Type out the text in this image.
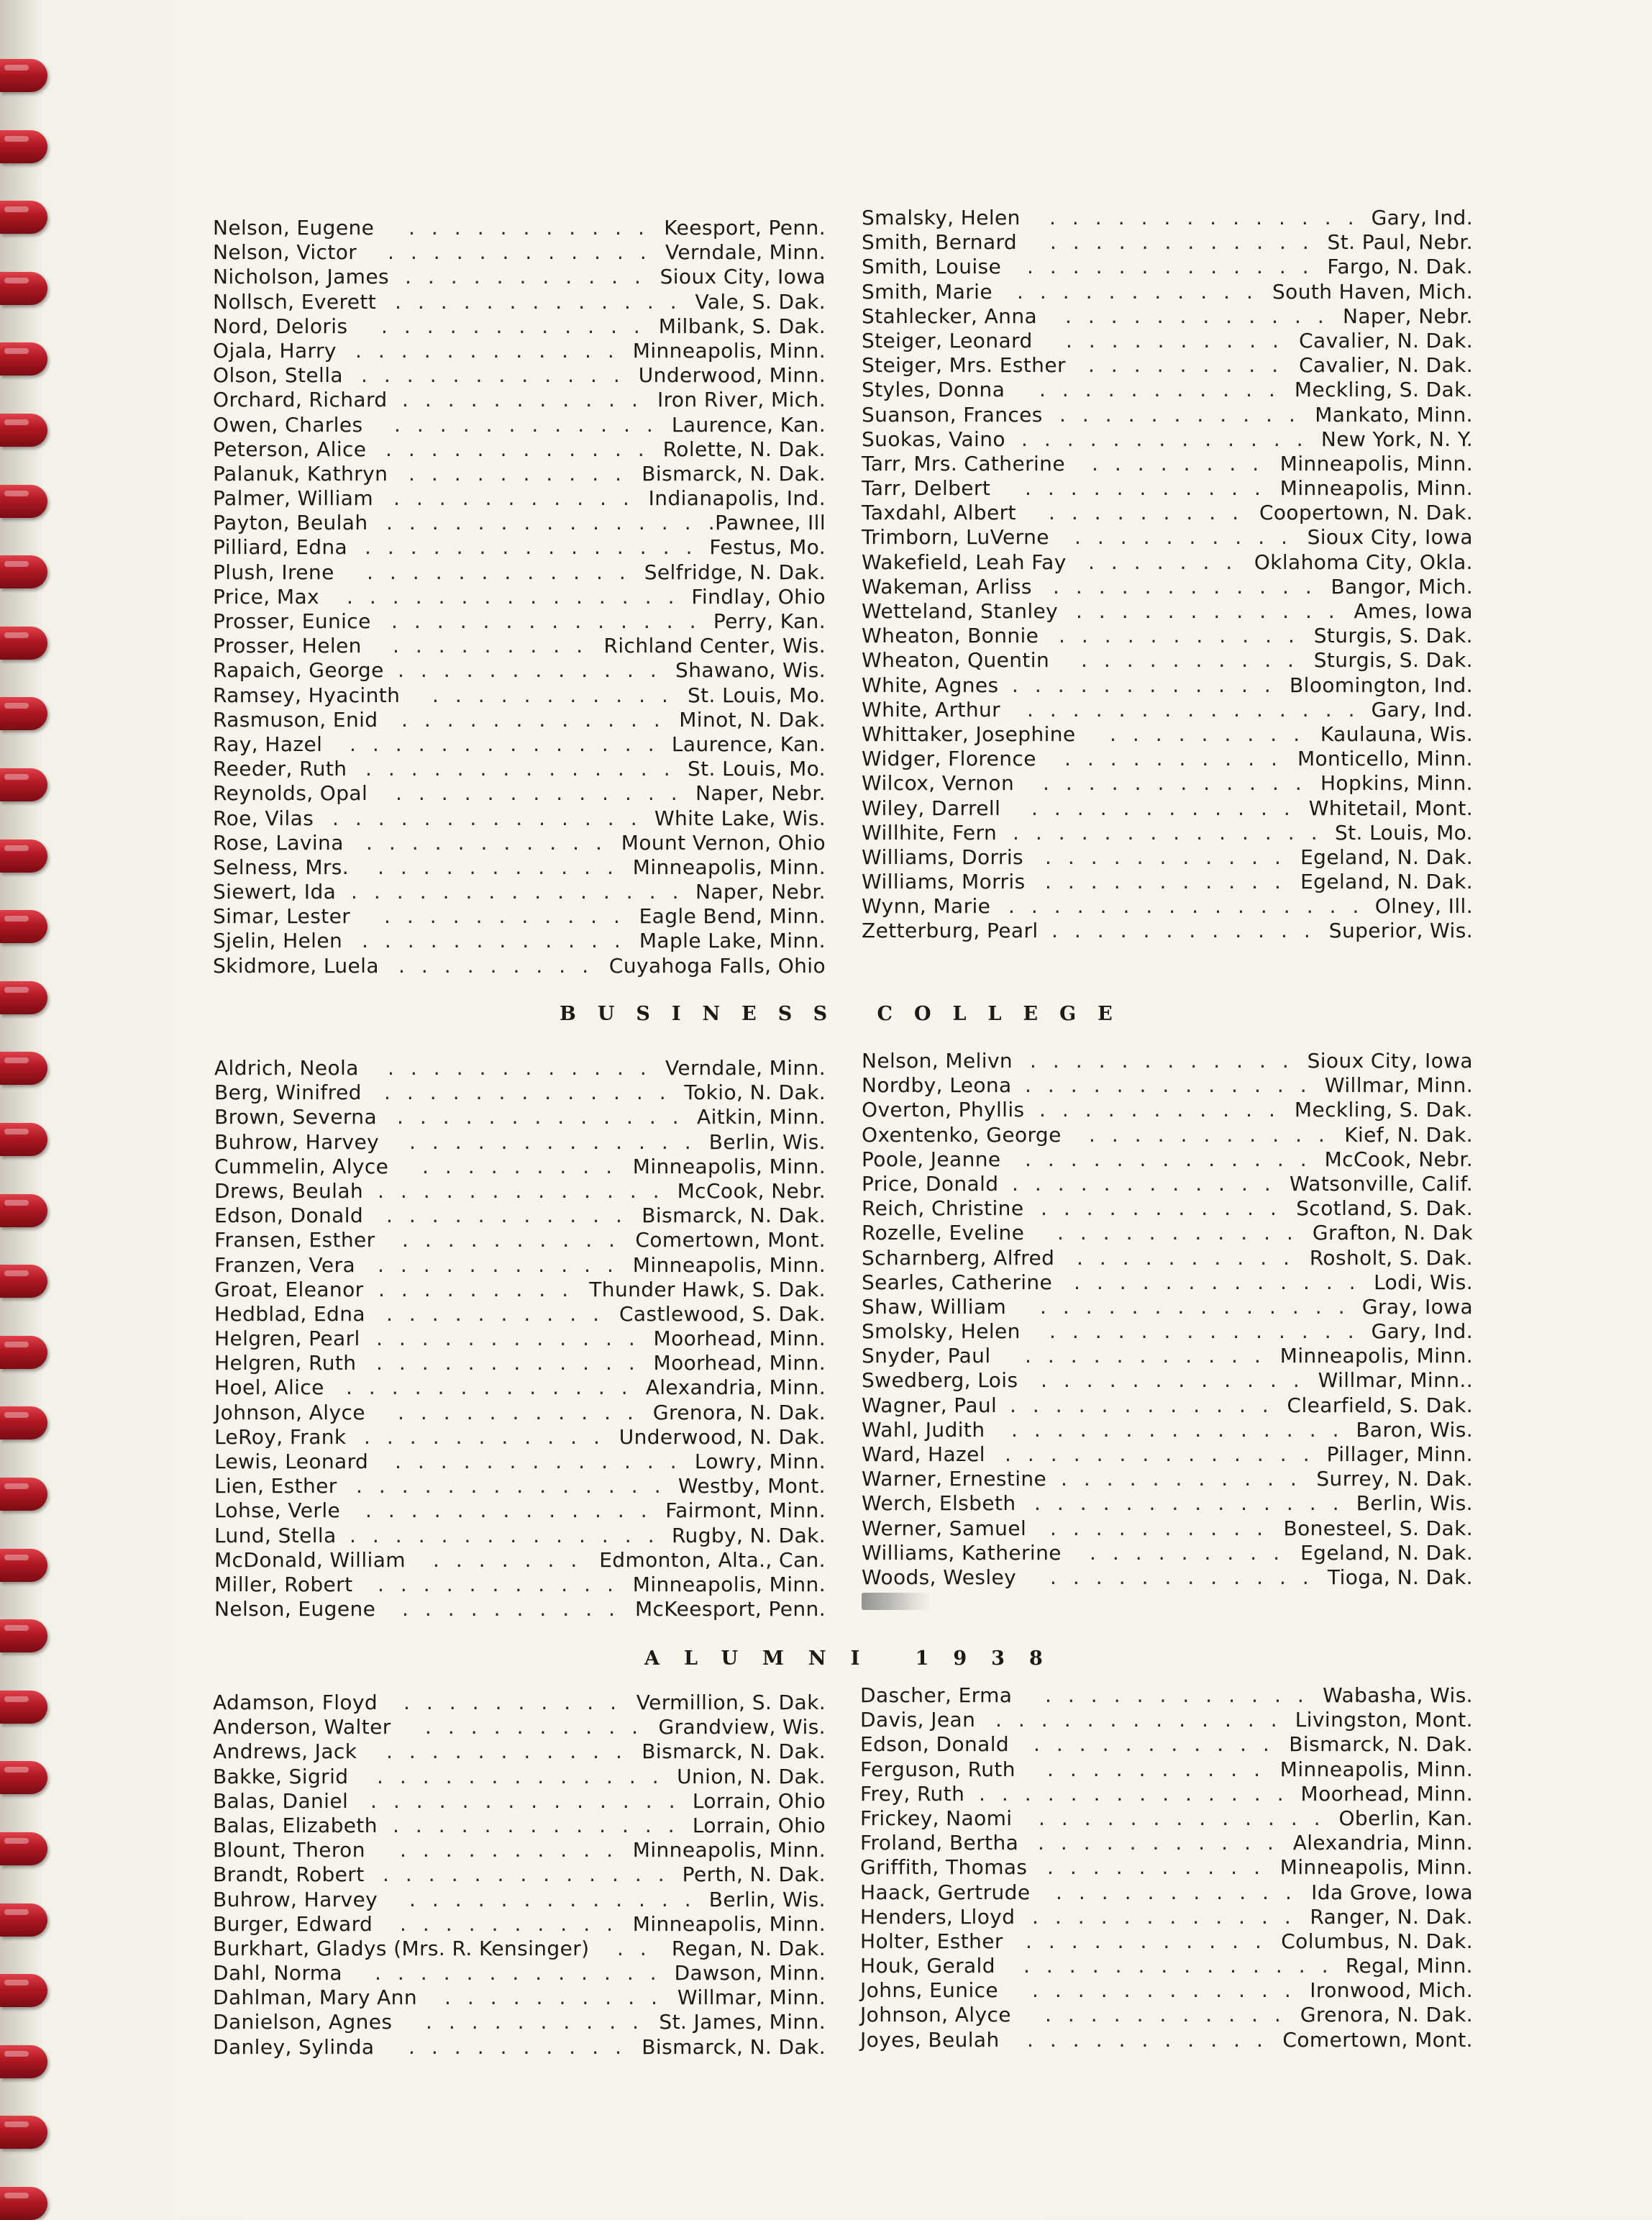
Nelson, Eugene ........... Keesport, Penn.
Nelson, Victor ............ Verndale, Minn.
Nicholson, James ........... Sioux City, Iowa
Nollsch, Everett ............. Vale, S. Dak.
Nord, Deloris ............ Milbank, S. Dak.
Ojala, Harry ............ Minneapolis, Minn.
Olson, Stella ............ Underwood, Minn.
Orchard, Richard ........... Iron River, Mich.
Owen, Charles ............ Laurence, Kan.
Peterson, Alice ............ Rolette, N. Dak.
Palanuk, Kathryn .......... Bismarck, N. Dak.
Palmer, William ........... Indianapolis, Ind.
Payton, Beulah .............. .Pawnee, Ill
Pilliard, Edna ............... Festus, Mo.
Plush, Irene ............ Selfridge, N. Dak.
Price, Max ............... Findlay, Ohio
Prosser, Eunice .............. Perry, Kan.
Prosser, Helen ......... Richland Center, Wis.
Rapaich, George ............ Shawano, Wis.
Ramsey, Hyacinth ........... St. Louis, Mo.
Rasmuson, Enid ............ Minot, N. Dak.
Ray, Hazel .............. Laurence, Kan.
Reeder, Ruth .............. St. Louis, Mo.
Reynolds, Opal ............. Naper, Nebr.
Roe, Vilas .............. White Lake, Wis.
Rose, Lavina ........... Mount Vernon, Ohio
Selness, Mrs. ........... Minneapolis, Minn.
Siewert, Ida ............... Naper, Nebr.
Simar, Lester ........... Eagle Bend, Minn.
Sjelin, Helen ............ Maple Lake, Minn.
Skidmore, Luela ......... Cuyahoga Falls, Ohio
Smalsky, Helen .............. Gary, Ind.
Smith, Bernard ............ St. Paul, Nebr.
Smith, Louise ............. Fargo, N. Dak.
Smith, Marie ........... South Haven, Mich.
Stahlecker, Anna ............ Naper, Nebr.
Steiger, Leonard .......... Cavalier, N. Dak.
Steiger, Mrs. Esther ......... Cavalier, N. Dak.
Styles, Donna ........... Meckling, S. Dak.
Suanson, Frances ........... Mankato, Minn.
Suokas, Vaino ............. New York, N. Y.
Tarr, Mrs. Catherine ........ Minneapolis, Minn.
Tarr, Delbert ........... Minneapolis, Minn.
Taxdahl, Albert ......... Coopertown, N. Dak.
Trimborn, LuVerne .......... Sioux City, Iowa
Wakefield, Leah Fay ....... Oklahoma City, Okla.
Wakeman, Arliss ............ Bangor, Mich.
Wetteland, Stanley ............ Ames, Iowa
Wheaton, Bonnie ........... Sturgis, S. Dak.
Wheaton, Quentin .......... Sturgis, S. Dak.
White, Agnes ............ Bloomington, Ind.
White, Arthur ............... Gary, Ind.
Whittaker, Josephine ......... Kaulauna, Wis.
Widger, Florence .......... Monticello, Minn.
Wilcox, Vernon ............ Hopkins, Minn.
Wiley, Darrell ............ Whitetail, Mont.
Willhite, Fern .............. St. Louis, Mo.
Williams, Dorris ........... Egeland, N. Dak.
Williams, Morris ........... Egeland, N. Dak.
Wynn, Marie ................ Olney, Ill.
Zetterburg, Pearl ............ Superior, Wis.
BUSINESS COLLEGE
Aldrich, Neola ............ Verndale, Minn.
Berg, Winifred ............. Tokio, N. Dak.
Brown, Severna ............. Aitkin, Minn.
Buhrow, Harvey ............. Berlin, Wis.
Cummelin, Alyce ......... Minneapolis, Minn.
Drews, Beulah ............. McCook, Nebr.
Edson, Donald ........... Bismarck, N. Dak.
Fransen, Esther .......... Comertown, Mont.
Franzen, Vera ........... Minneapolis, Minn.
Groat, Eleanor ......... Thunder Hawk, S. Dak.
Hedblad, Edna .......... Castlewood, S. Dak.
Helgren, Pearl ............ Moorhead, Minn.
Helgren, Ruth ............ Moorhead, Minn.
Hoel, Alice ............. Alexandria, Minn.
Johnson, Alyce ........... Grenora, N. Dak.
LeRoy, Frank ........... Underwood, N. Dak.
Lewis, Leonard ............. Lowry, Minn.
Lien, Esther .............. Westby, Mont.
Lohse, Verle ............. Fairmont, Minn.
Lund, Stella .............. Rugby, N. Dak.
McDonald, William ....... Edmonton, Alta., Can.
Miller, Robert ........... Minneapolis, Minn.
Nelson, Eugene .......... McKeesport, Penn.
Nelson, Melivn ............ Sioux City, Iowa
Nordby, Leona ............. Willmar, Minn.
Overton, Phyllis ........... Meckling, S. Dak.
Oxentenko, George ........... Kief, N. Dak.
Poole, Jeanne ............. McCook, Nebr.
Price, Donald ............ Watsonville, Calif.
Reich, Christine ........... Scotland, S. Dak.
Rozelle, Eveline ........... Grafton, N. Dak
Scharnberg, Alfred .......... Rosholt, S. Dak.
Searles, Catherine ............. Lodi, Wis.
Shaw, William .............. Gray, Iowa
Smolsky, Helen .............. Gary, Ind.
Snyder, Paul ........... Minneapolis, Minn.
Swedberg, Lois ............ Willmar, Minn..
Wagner, Paul ............ Clearfield, S. Dak.
Wahl, Judith ............... Baron, Wis.
Ward, Hazel .............. Pillager, Minn.
Warner, Ernestine ........... Surrey, N. Dak.
Werch, Elsbeth .............. Berlin, Wis.
Werner, Samuel .......... Bonesteel, S. Dak.
Williams, Katherine ......... Egeland, N. Dak.
Woods, Wesley ............ Tioga, N. Dak.
ALUMNI 1938
Adamson, Floyd .......... Vermillion, S. Dak.
Anderson, Walter .......... Grandview, Wis.
Andrews, Jack ........... Bismarck, N. Dak.
Bakke, Sigrid ............. Union, N. Dak.
Balas, Daniel .............. Lorrain, Ohio
Balas, Elizabeth ............. Lorrain, Ohio
Blount, Theron .......... Minneapolis, Minn.
Brandt, Robert ............. Perth, N. Dak.
Buhrow, Harvey ............. Berlin, Wis.
Burger, Edward .......... Minneapolis, Minn.
Burkhart, Gladys (Mrs. R. Kensinger) .. Regan, N. Dak.
Dahl, Norma ............. Dawson, Minn.
Dahlman, Mary Ann .......... Willmar, Minn.
Danielson, Agnes .......... St. James, Minn.
Danley, Sylinda .......... Bismarck, N. Dak.
Dascher, Erma ............ Wabasha, Wis.
Davis, Jean ............. Livingston, Mont.
Edson, Donald ........... Bismarck, N. Dak.
Ferguson, Ruth .......... Minneapolis, Minn.
Frey, Ruth .............. Moorhead, Minn.
Frickey, Naomi ............. Oberlin, Kan.
Froland, Bertha ........... Alexandria, Minn.
Griffith, Thomas .......... Minneapolis, Minn.
Haack, Gertrude ........... Ida Grove, Iowa
Henders, Lloyd ............ Ranger, N. Dak.
Holter, Esther ........... Columbus, N. Dak.
Houk, Gerald .............. Regal, Minn.
Johns, Eunice ............ Ironwood, Mich.
Johnson, Alyce ........... Grenora, N. Dak.
Joyes, Beulah ........... Comertown, Mont.
